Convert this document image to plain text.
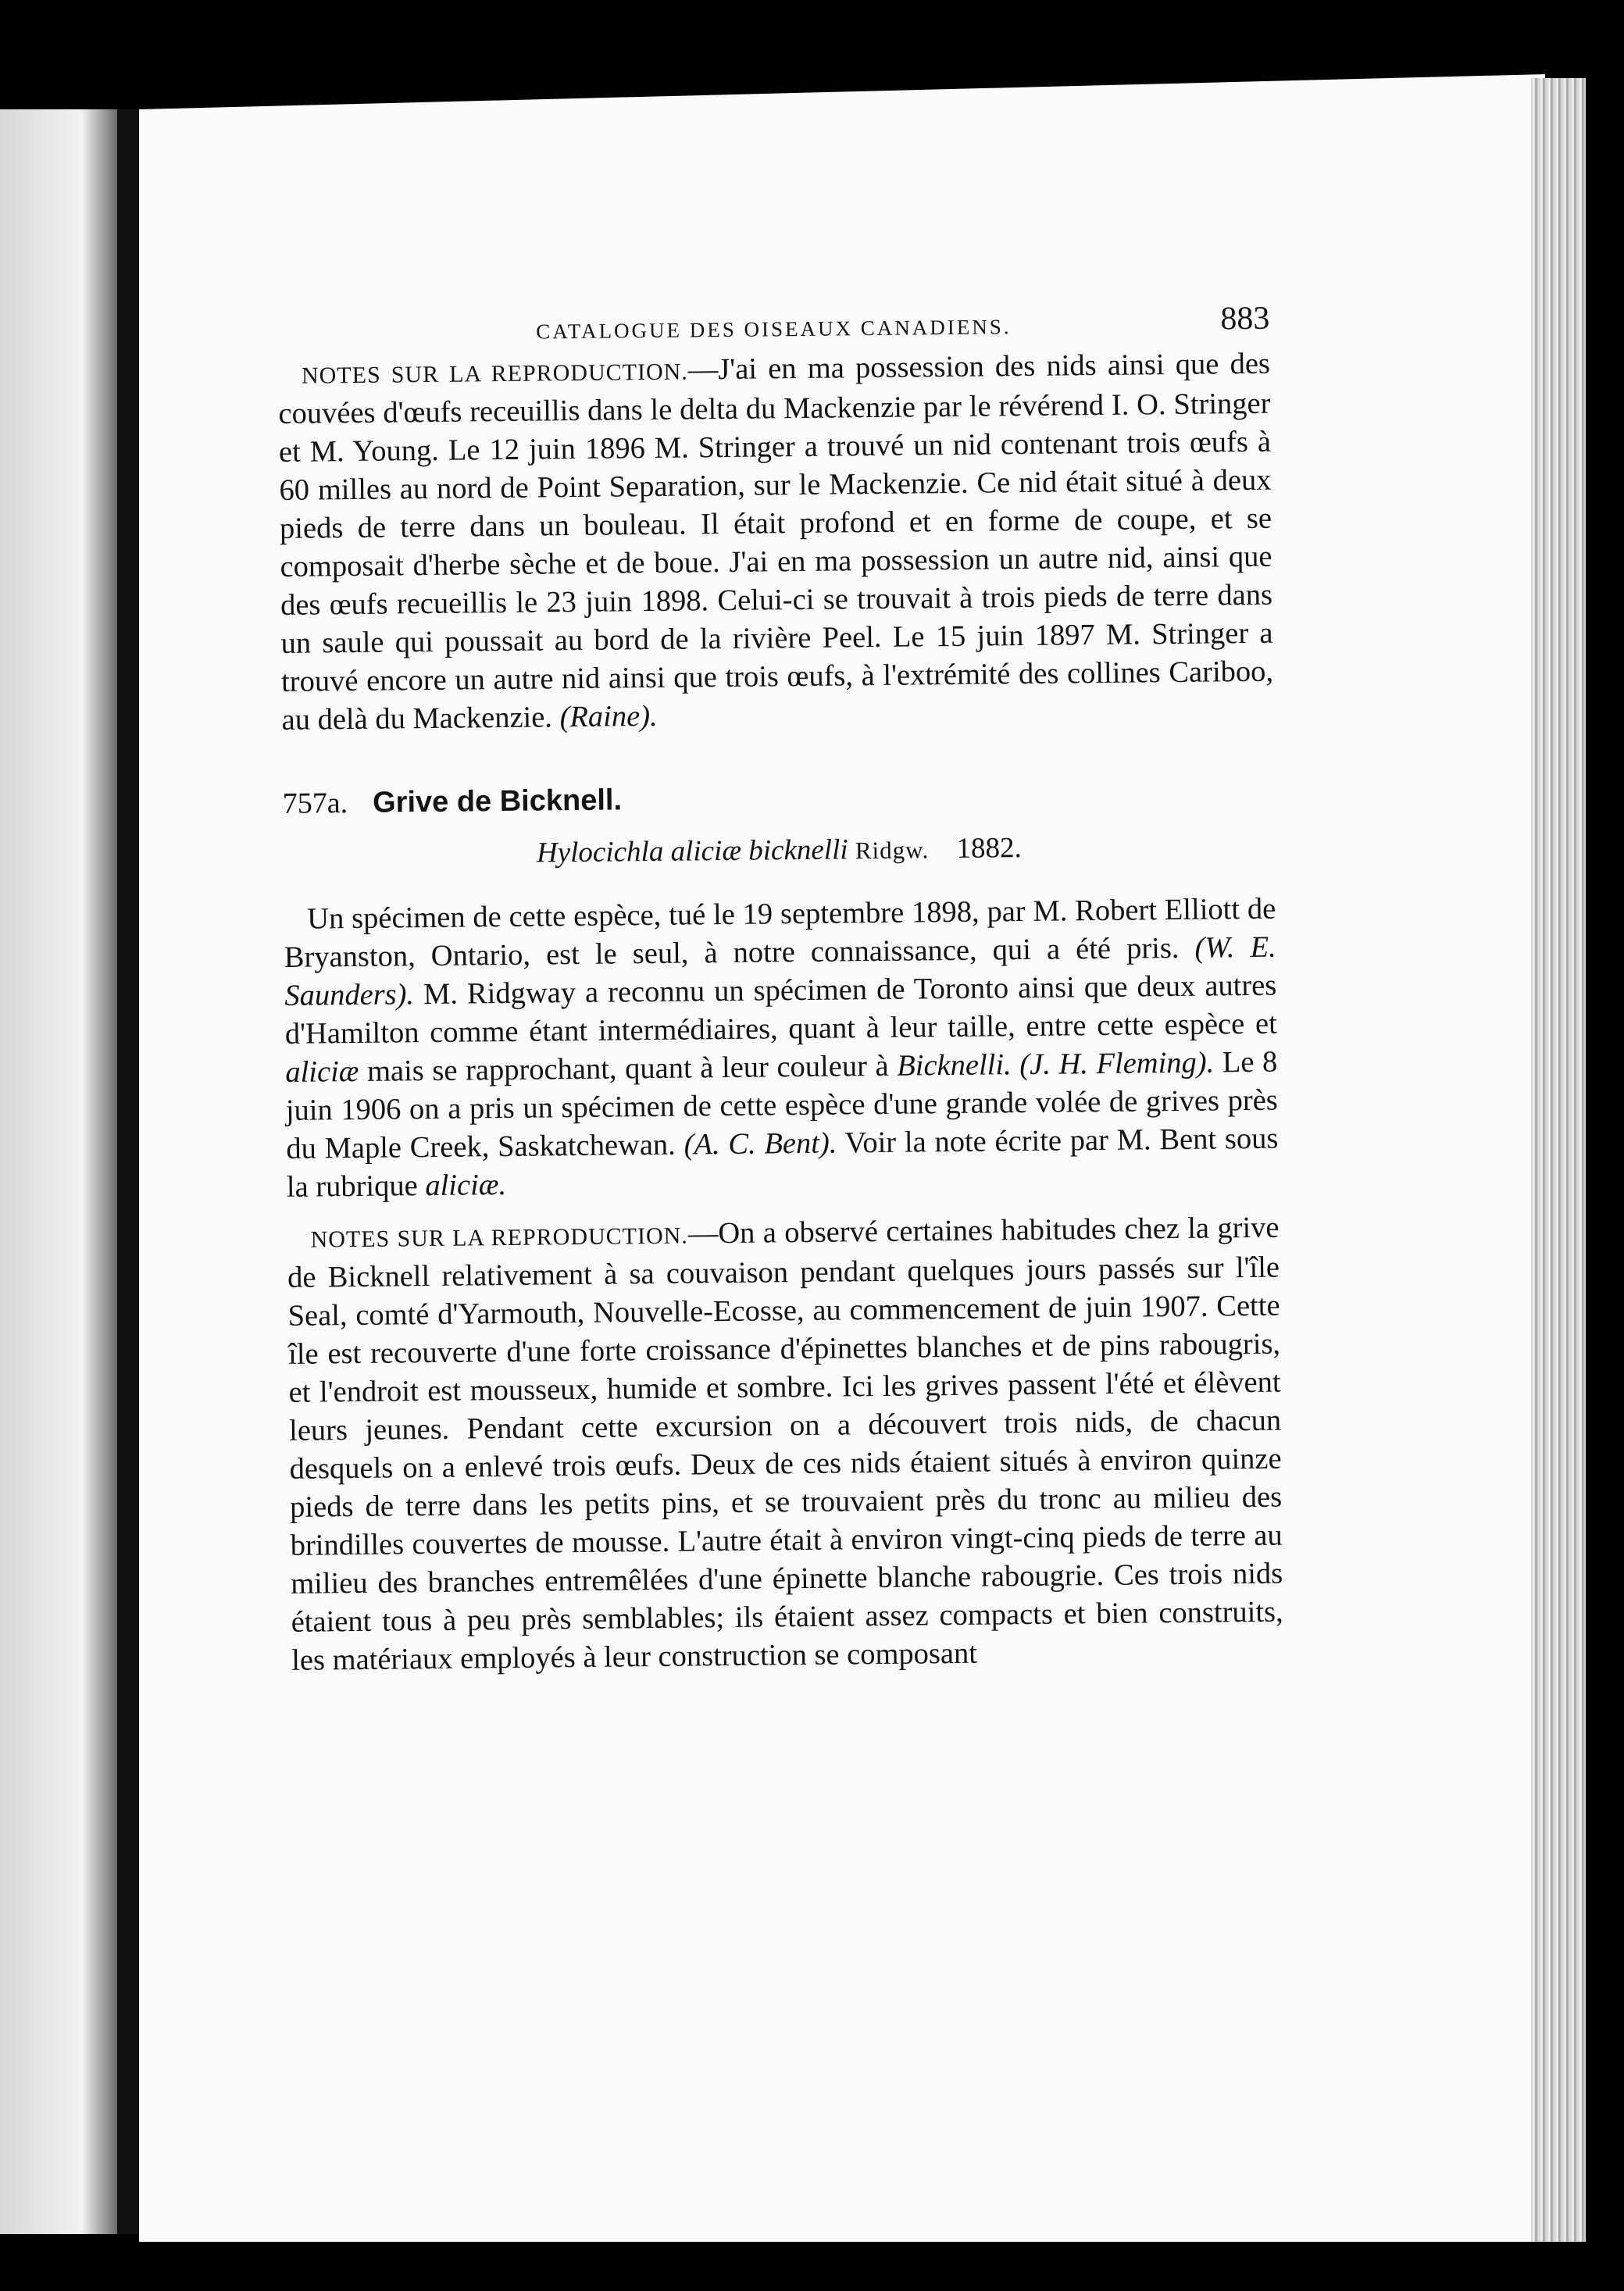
CATALOGUE DES OISEAUX CANADIENS.	883

NOTES SUR LA REPRODUCTION.—J'ai en ma possession des nids ainsi que des couvées d'œufs receuillis dans le delta du Mackenzie par le révérend I. O. Stringer et M. Young. Le 12 juin 1896 M. Stringer a trouvé un nid contenant trois œufs à 60 milles au nord de Point Separation, sur le Mackenzie. Ce nid était situé à deux pieds de terre dans un bouleau. Il était profond et en forme de coupe, et se composait d'herbe sèche et de boue. J'ai en ma possession un autre nid, ainsi que des œufs recueillis le 23 juin 1898. Celui-ci se trouvait à trois pieds de terre dans un saule qui poussait au bord de la rivière Peel. Le 15 juin 1897 M. Stringer a trouvé encore un autre nid ainsi que trois œufs, à l'extrémité des collines Cariboo, au delà du Mackenzie. (Raine).

757a. Grive de Bicknell.
Hylocichla aliciæ bicknelli Ridgw. 1882.

Un spécimen de cette espèce, tué le 19 septembre 1898, par M. Robert Elliott de Bryanston, Ontario, est le seul, à notre connaissance, qui a été pris. (W. E. Saunders). M. Ridgway a reconnu un spécimen de Toronto ainsi que deux autres d'Hamilton comme étant intermédiaires, quant à leur taille, entre cette espèce et aliciæ mais se rapprochant, quant à leur couleur à Bicknelli. (J. H. Fleming). Le 8 juin 1906 on a pris un spécimen de cette espèce d'une grande volée de grives près du Maple Creek, Saskatchewan. (A. C. Bent). Voir la note écrite par M. Bent sous la rubrique aliciæ.

NOTES SUR LA REPRODUCTION.—On a observé certaines habitudes chez la grive de Bicknell relativement à sa couvaison pendant quelques jours passés sur l'île Seal, comté d'Yarmouth, Nouvelle-Ecosse, au commencement de juin 1907. Cette île est recouverte d'une forte croissance d'épinettes blanches et de pins rabougris, et l'endroit est mousseux, humide et sombre. Ici les grives passent l'été et élèvent leurs jeunes. Pendant cette excursion on a découvert trois nids, de chacun desquels on a enlevé trois œufs. Deux de ces nids étaient situés à environ quinze pieds de terre dans les petits pins, et se trouvaient près du tronc au milieu des brindilles couvertes de mousse. L'autre était à environ vingt-cinq pieds de terre au milieu des branches entremêlées d'une épinette blanche rabougrie. Ces trois nids étaient tous à peu près semblables; ils étaient assez compacts et bien construits, les matériaux employés à leur construction se composant
